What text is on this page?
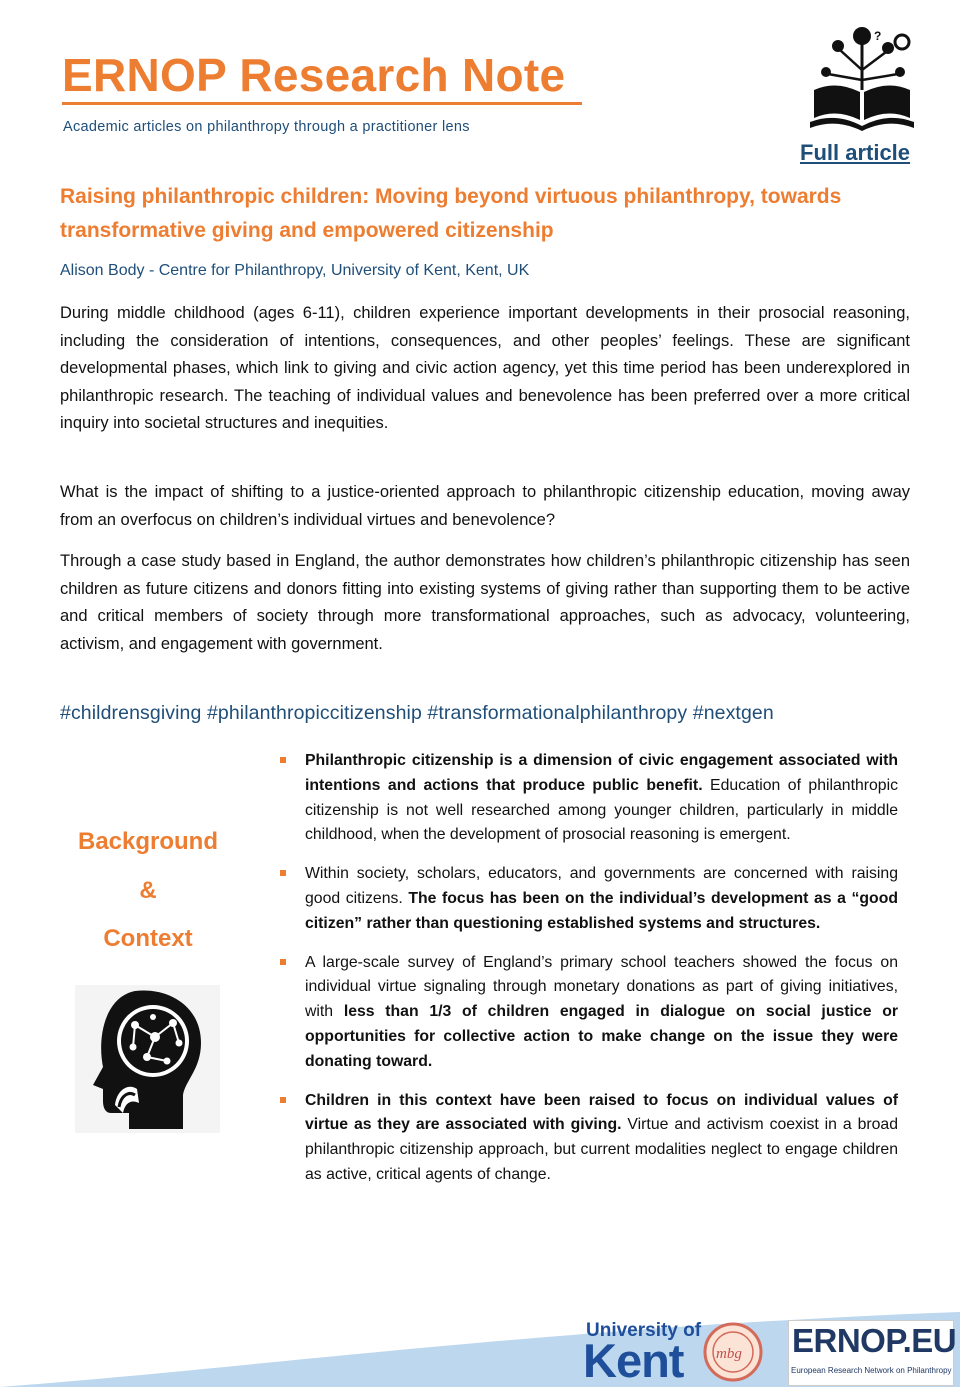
ERNOP Research Note
Academic articles on philanthropy through a practitioner lens
?
Full article
Raising philanthropic children: Moving beyond virtuous philanthropy, towards transformative giving and empowered citizenship
Alison Body - Centre for Philanthropy, University of Kent, Kent, UK
During middle childhood (ages 6-11), children experience important developments in their prosocial reasoning, including the consideration of intentions, consequences, and other peoples’ feelings. These are significant developmental phases, which link to giving and civic action agency, yet this time period has been underexplored in philanthropic research. The teaching of individual values and benevolence has been preferred over a more critical inquiry into societal structures and inequities.
What is the impact of shifting to a justice-oriented approach to philanthropic citizenship education, moving away from an overfocus on children’s individual virtues and benevolence?
Through a case study based in England, the author demonstrates how children’s philanthropic citizenship has seen children as future citizens and donors fitting into existing systems of giving rather than supporting them to be active and critical members of society through more transformational approaches, such as advocacy, volunteering, activism, and engagement with government.
#childrensgiving #philanthropiccitizenship #transformationalphilanthropy #nextgen
Background
&
Context
Philanthropic citizenship is a dimension of civic engagement associated with intentions and actions that produce public benefit. Education of philanthropic citizenship is not well researched among younger children, particularly in middle childhood, when the development of prosocial reasoning is emergent.
Within society, scholars, educators, and governments are concerned with raising good citizens. The focus has been on the individual’s development as a “good citizen” rather than questioning established systems and structures.
A large-scale survey of England’s primary school teachers showed the focus on individual virtue signaling through monetary donations as part of giving initiatives, with less than 1/3 of children engaged in dialogue on social justice or opportunities for collective action to make change on the issue they were donating toward.
Children in this context have been raised to focus on individual values of virtue as they are associated with giving. Virtue and activism coexist in a broad philanthropic citizenship approach, but current modalities neglect to engage children as active, critical agents of change.
University of
Kent mbg ERNOP.EU
European Research Network on Philanthropy
